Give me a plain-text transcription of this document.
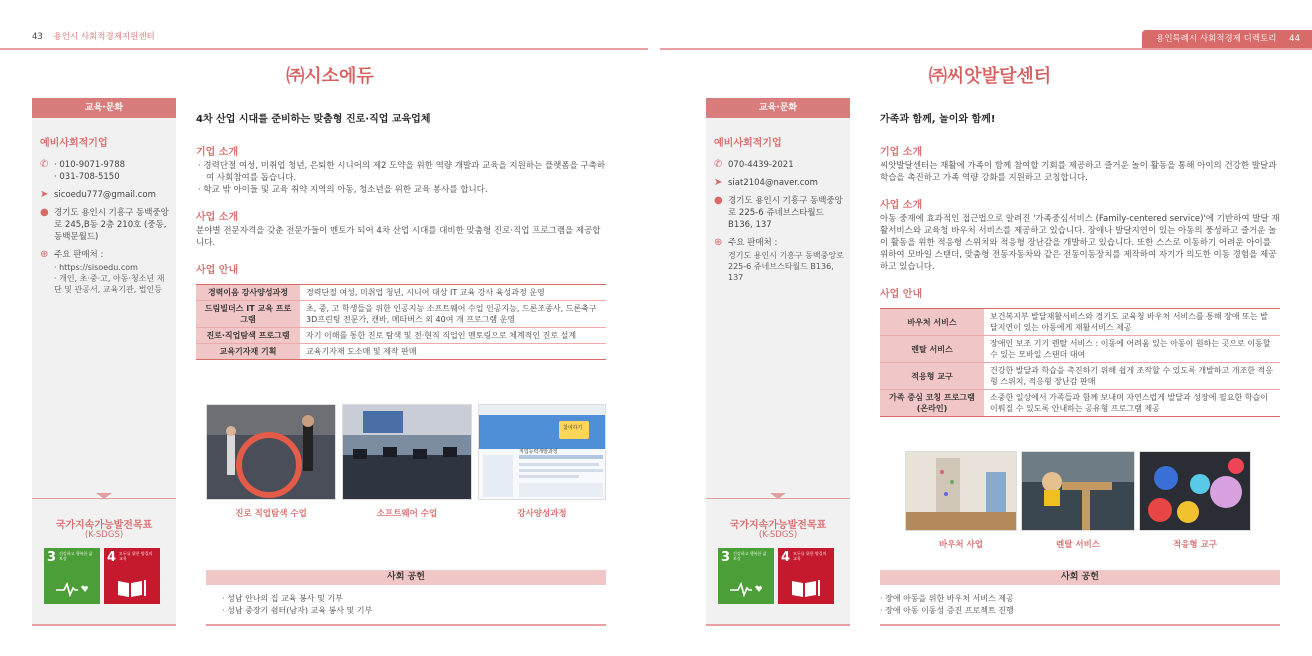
43 용인시 사회적경제지원센터
㈜시소에듀
교육·문화
예비사회적기업
✆ · 010-9071-9788
· 031-708-5150
➤ sicoedu777@gmail.com
● 경기도 용인시 기흥구 동백중앙로 245,B동 2층 210호 (중동, 동백문월드)
⊕ 주요 판매처 :
· https://sisoedu.com
· 개인, 초·중·고, 아동·청소년 재단 및 관공서, 교육기관, 법인등
국가지속가능발전목표
(K-SDGS)
3 건강하고 행복한 삶 보장	4 모두를 위한 양질의 교육
4차 산업 시대를 준비하는 맞춤형 진로·직업 교육업체
기업 소개
· 경력단절 여성, 미취업 청년, 은퇴한 시니어의 제2 도약을 위한 역량 개발과 교육을 지원하는 플랫폼을 구축하여 사회참여를 돕습니다.
· 학교 밖 아이들 및 교육 취약 지역의 아동, 청소년을 위한 교육 봉사를 합니다.
사업 소개
분야별 전문자격을 갖춘 전문가들이 멘토가 되어 4차 산업 시대를 대비한 맞춤형 진로·직업 프로그램을 제공합니다.
사업 안내
경력이음 강사양성과정	경력단절 여성, 미취업 청년, 시니어 대상 IT 교육 강사 육성과정 운영
드림빌더스 IT 교육 프로그램	초, 중, 고 학생들을 위한 인공지능 소프트웨어 수업 인공지능, 드론조종사, 드론축구3D프린팅 전문가, 캔바, 메타버스 외 40여 개 프로그램 운영
진로·직업탐색 프로그램	자기 이해를 통한 진로 탐색 및 전·현직 직업인 멘토링으로 체계적인 진로 설계
교육기자재 기획	교육기자재 도소매 및 제작 판매
참여하기
직업능력개발과정
진로 직업탐색 수업	소프트웨어 수업	강사양성과정
사회 공헌
· 성남 안나의 집 교육 봉사 및 기부
· 성남 중장기 쉼터(남자) 교육 봉사 및 기부
용인특례시 사회적경제 디렉토리 44
㈜씨앗발달센터
교육·문화
예비사회적기업
✆ 070-4439-2021
➤ siat2104@naver.com
● 경기도 용인시 기흥구 동백중앙로 225-6 쥬네브스타월드 B136, 137
⊕ 주요 판매처 :
경기도 용인시 기흥구 동백중앙로 225-6 쥬네브스타월드 B136, 137
국가지속가능발전목표
(K-SDGS)
3 건강하고 행복한 삶 보장	4 모두를 위한 양질의 교육
가족과 함께, 놀이와 함께!
기업 소개
씨앗발달센터는 재활에 가족이 함께 참여할 기회를 제공하고 즐거운 놀이 활동을 통해 아이의 건강한 발달과 학습을 촉진하고 가족 역량 강화를 지원하고 코칭합니다.
사업 소개
아동 중재에 효과적인 접근법으로 알려진 '가족중심서비스 (Family-centered service)'에 기반하여 발달 재활서비스와 교육청 바우처 서비스를 제공하고 있습니다. 장애나 발달지연이 있는 아동의 풍성하고 즐거운 놀이 활동을 위한 적응형 스위치와 적응형 장난감을 개발하고 있습니다. 또한 스스로 이동하기 어려운 아이를 위하여 모바일 스탠더, 맞춤형 전동자동차와 같은 전동이동장치를 제작하여 자기가 의도한 이동 경험을 제공하고 있습니다.
사업 안내
바우처 서비스	보건복지부 발달재활서비스와 경기도 교육청 바우처 서비스를 통해 장애 또는 발달지연이 있는 아동에게 재활서비스 제공
렌탈 서비스	장애인 보조 기기 렌탈 서비스 : 이동에 어려움 있는 아동이 원하는 곳으로 이동할 수 있는 모바일 스탠더 대여
적응형 교구	건강한 발달과 학습을 촉진하기 위해 쉽게 조작할 수 있도록 개발하고 개조한 적응형 스위치, 적응형 장난감 판매
가족 중심 코칭 프로그램 (온라인)	소중한 일상에서 가족들과 함께 보내며 자연스럽게 발달과 성장에 필요한 학습이 이뤄질 수 있도록 안내하는 공유형 프로그램 제공
바우처 사업	렌탈 서비스	적응형 교구
사회 공헌
· 장애 아동을 위한 바우처 서비스 제공
· 장애 아동 이동성 증진 프로젝트 진행
